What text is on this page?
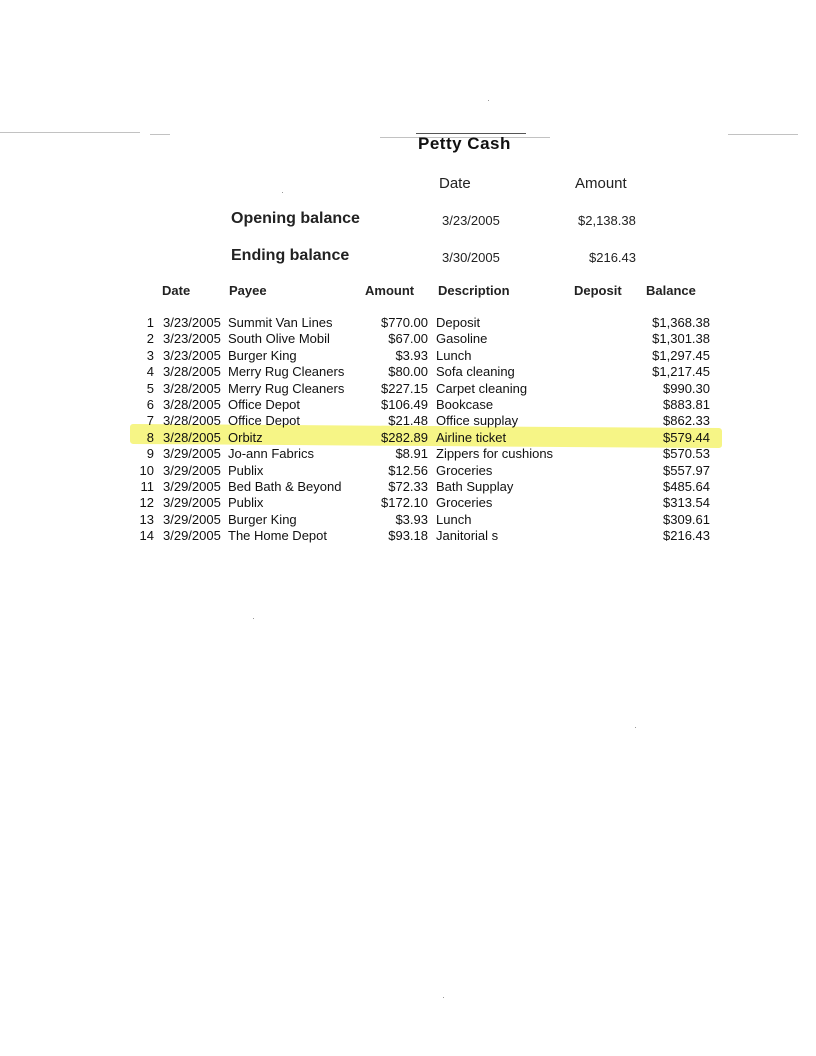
Petty Cash
Date	Amount
Opening balance	3/23/2005	$2,138.38
Ending balance	3/30/2005	$216.43
Date	Payee	Amount Description	Deposit Balance
1 3/23/2005 Summit Van Lines	$770.00 Deposit	$1,368.38
2 3/23/2005 South Olive Mobil	$67.00 Gasoline	$1,301.38
3 3/23/2005 Burger King	$3.93 Lunch	$1,297.45
4 3/28/2005 Merry Rug Cleaners	$80.00 Sofa cleaning	$1,217.45
5 3/28/2005 Merry Rug Cleaners	$227.15 Carpet cleaning	$990.30
6 3/28/2005 Office Depot	$106.49 Bookcase	$883.81
7 3/28/2005 Office Depot	$21.48 Office supplay	$862.33
8 3/28/2005 Orbitz	$282.89 Airline ticket	$579.44
9 3/29/2005 Jo-ann Fabrics	$8.91 Zippers for cushions	$570.53
10 3/29/2005 Publix	$12.56 Groceries	$557.97
11 3/29/2005 Bed Bath & Beyond	$72.33 Bath Supplay	$485.64
12 3/29/2005 Publix	$172.10 Groceries	$313.54
13 3/29/2005 Burger King	$3.93 Lunch	$309.61
14 3/29/2005 The Home Depot	$93.18 Janitorial s	$216.43
